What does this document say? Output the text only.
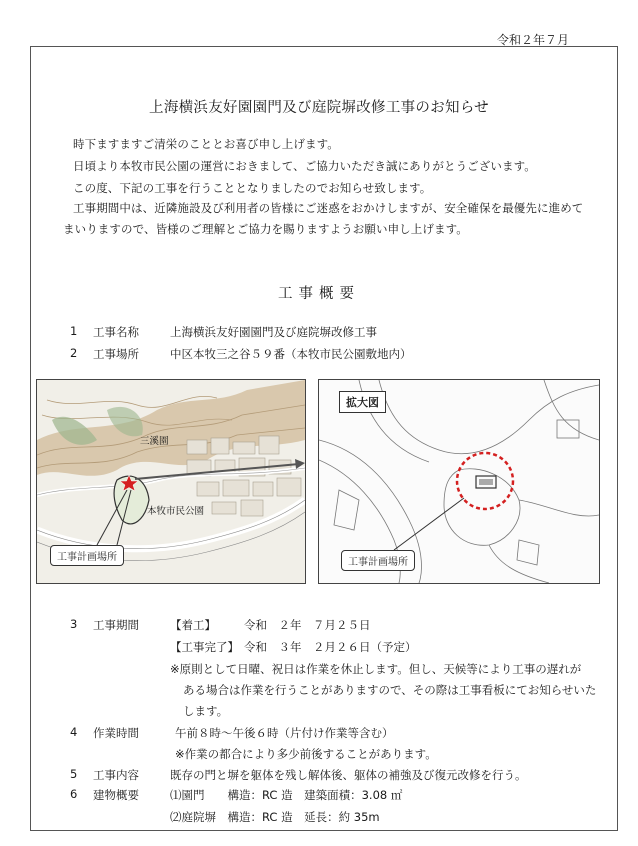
令和２年７月
上海横浜友好園園門及び庭院塀改修工事のお知らせ
時下ますますご清栄のこととお喜び申し上げます。
日頃より本牧市民公園の運営におきまして、ご協力いただき誠にありがとうございます。
この度、下記の工事を行うこととなりましたのでお知らせ致します。
工事期間中は、近隣施設及び利用者の皆様にご迷惑をおかけしますが、安全確保を最優先に進めて
まいりますので、皆様のご理解とご協力を賜りますようお願い申し上げます。
工事概要
1 工事名称	上海横浜友好園園門及び庭院塀改修工事
2 工事場所	中区本牧三之谷５９番（本牧市民公園敷地内）
三溪園
本牧市民公園
工事計画場所
拡大図
工事計画場所
3 工事期間	【着工】 令和　２年　７月２５日
【工事完了】 令和　３年　２月２６日（予定）
※原則として日曜、祝日は作業を休止します。但し、天候等により工事の遅れが
ある場合は作業を行うことがありますので、その際は工事看板にてお知らせいた
します。
4 作業時間	午前８時～午後６時（片付け作業等含む）
※作業の都合により多少前後することがあります。
5 工事内容	既存の門と塀を躯体を残し解体後、躯体の補強及び復元改修を行う。
6 建物概要	⑴園門　　構造：RC 造　建築面積：3.08 ㎡
⑵庭院塀　構造：RC 造　延長：約 35m
